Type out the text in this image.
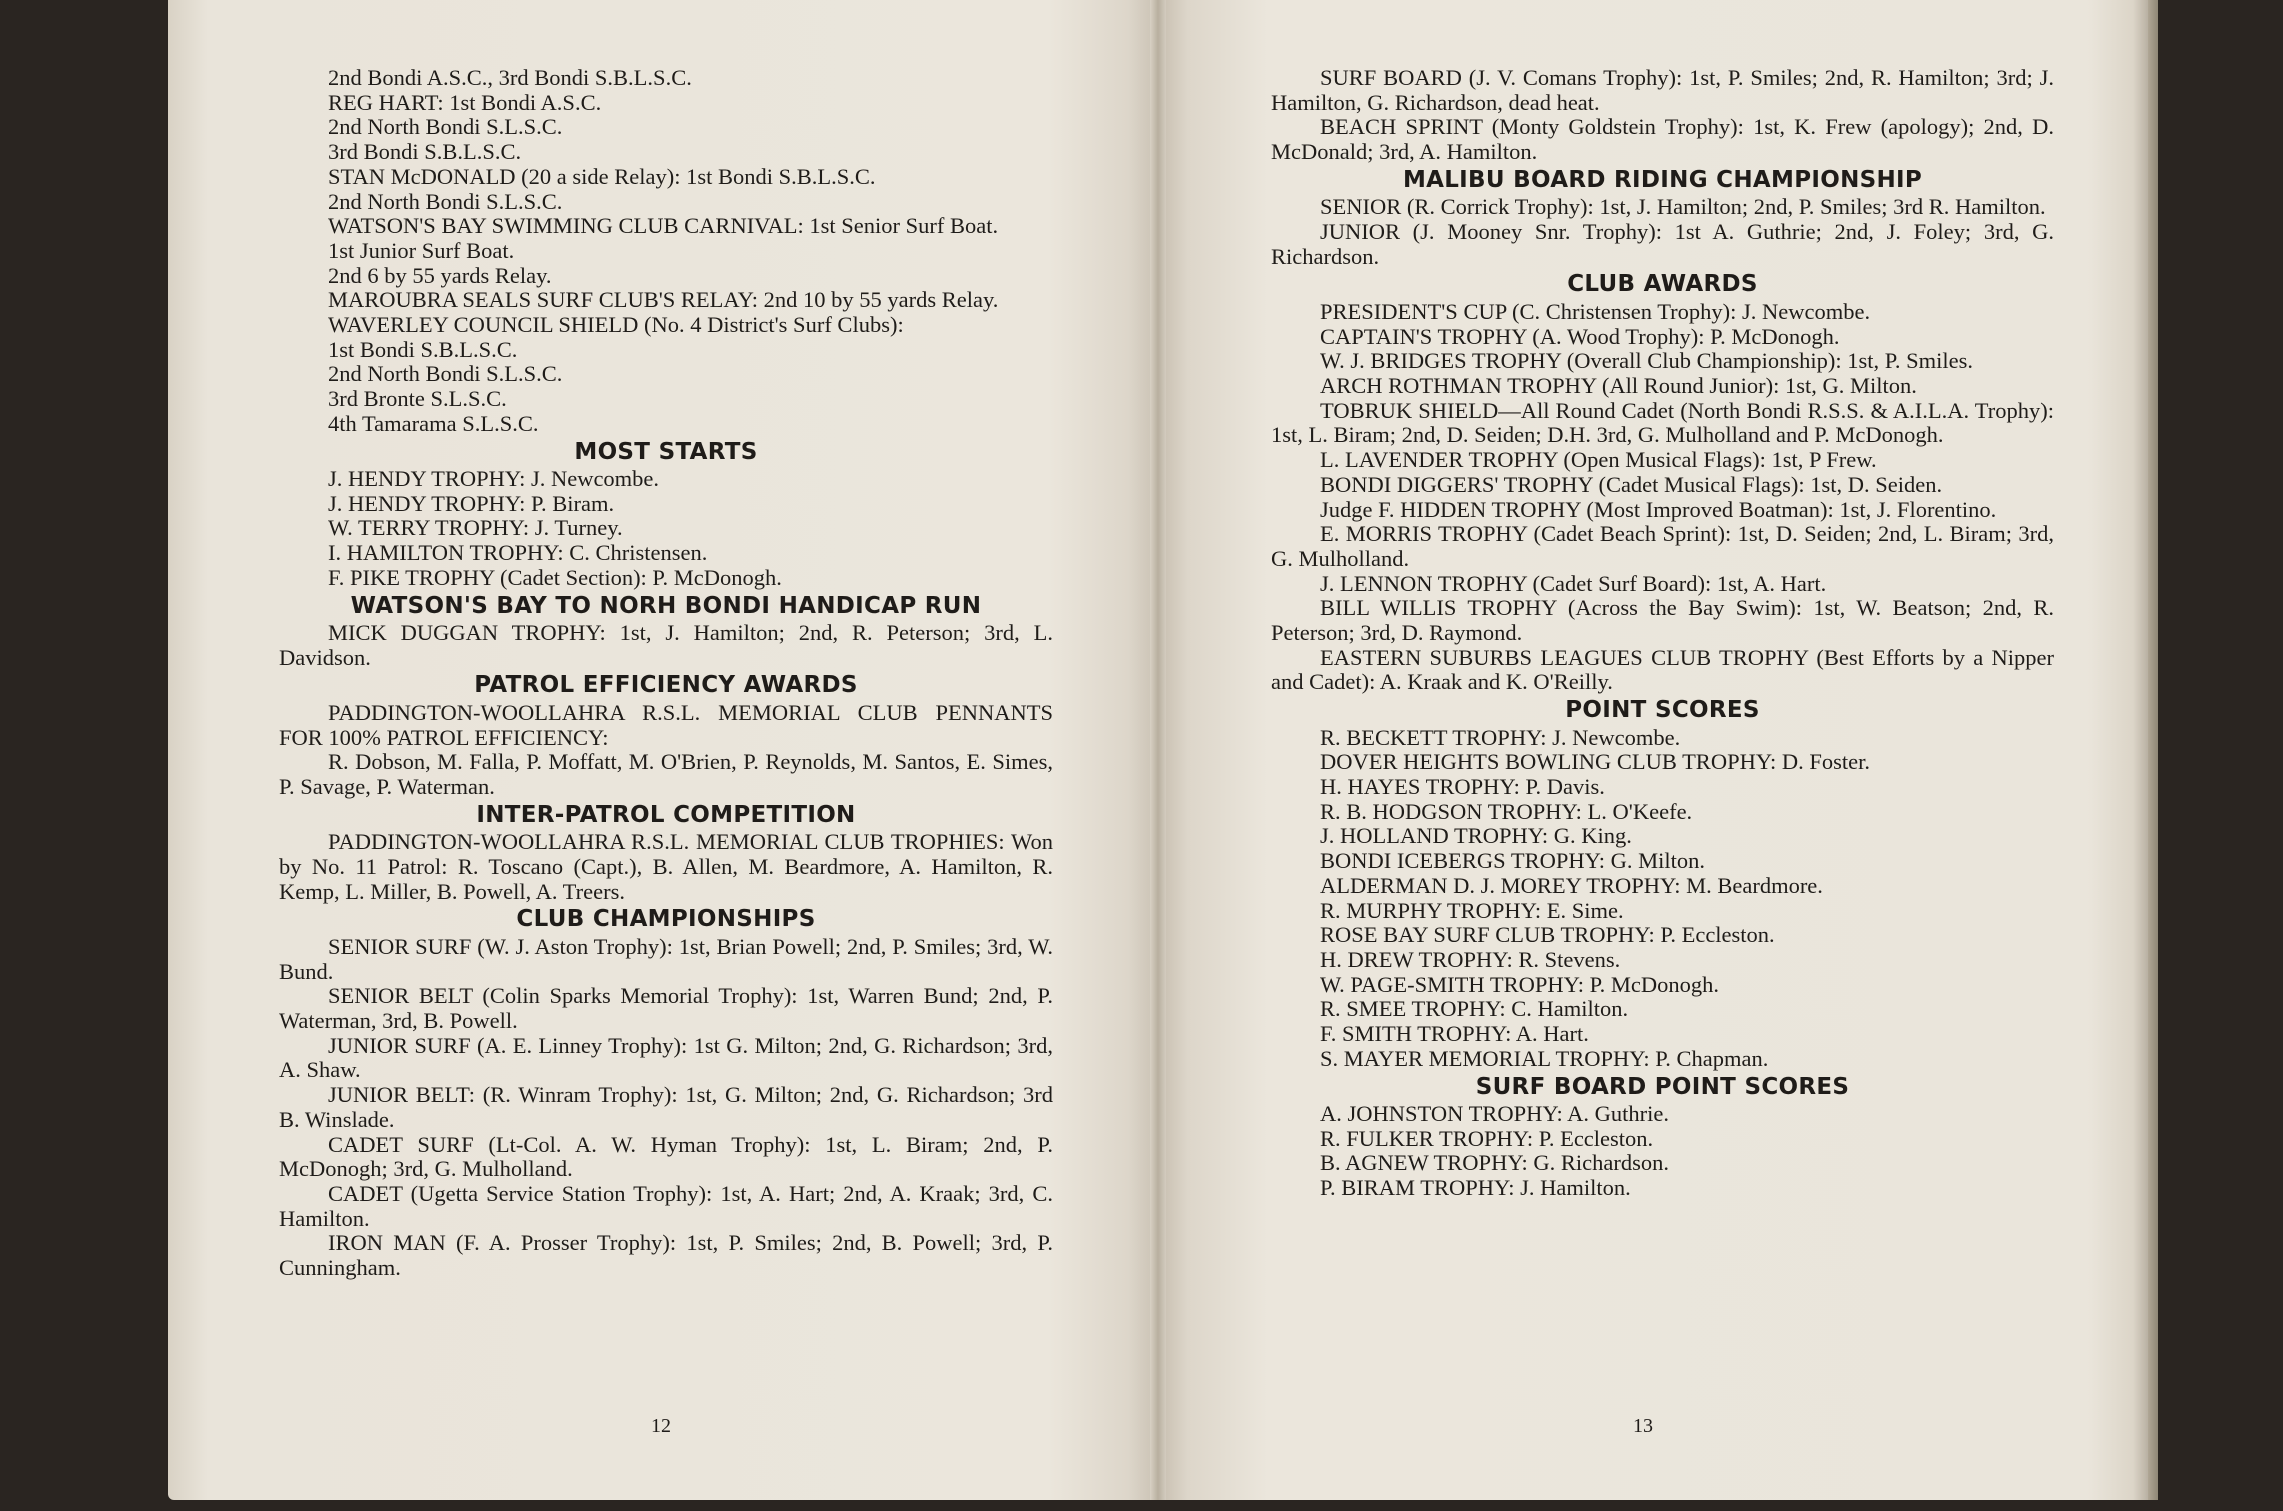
2nd Bondi A.S.C., 3rd Bondi S.B.L.S.C.

REG HART: 1st Bondi A.S.C.

2nd North Bondi S.L.S.C.

3rd Bondi S.B.L.S.C.

STAN McDONALD (20 a side Relay): 1st Bondi S.B.L.S.C.

2nd North Bondi S.L.S.C.

WATSON'S BAY SWIMMING CLUB CARNIVAL: 1st Senior Surf Boat.

1st Junior Surf Boat.

2nd 6 by 55 yards Relay.

MAROUBRA SEALS SURF CLUB'S RELAY: 2nd 10 by 55 yards Relay.

WAVERLEY COUNCIL SHIELD (No. 4 District's Surf Clubs):

1st Bondi S.B.L.S.C.

2nd North Bondi S.L.S.C.

3rd Bronte S.L.S.C.

4th Tamarama S.L.S.C.

MOST STARTS

J. HENDY TROPHY: J. Newcombe.

J. HENDY TROPHY: P. Biram.

W. TERRY TROPHY: J. Turney.

I. HAMILTON TROPHY: C. Christensen.

F. PIKE TROPHY (Cadet Section): P. McDonogh.

WATSON'S BAY TO NORH BONDI HANDICAP RUN

MICK DUGGAN TROPHY: 1st, J. Hamilton; 2nd, R. Peterson; 3rd, L. Davidson.

PATROL EFFICIENCY AWARDS

PADDINGTON-WOOLLAHRA R.S.L. MEMORIAL CLUB PENNANTS FOR 100% PATROL EFFICIENCY:

R. Dobson, M. Falla, P. Moffatt, M. O'Brien, P. Reynolds, M. Santos, E. Simes, P. Savage, P. Waterman.

INTER-PATROL COMPETITION

PADDINGTON-WOOLLAHRA R.S.L. MEMORIAL CLUB TROPHIES: Won by No. 11 Patrol: R. Toscano (Capt.), B. Allen, M. Beardmore, A. Hamilton, R. Kemp, L. Miller, B. Powell, A. Treers.

CLUB CHAMPIONSHIPS

SENIOR SURF (W. J. Aston Trophy): 1st, Brian Powell; 2nd, P. Smiles; 3rd, W. Bund.

SENIOR BELT (Colin Sparks Memorial Trophy): 1st, Warren Bund; 2nd, P. Waterman, 3rd, B. Powell.

JUNIOR SURF (A. E. Linney Trophy): 1st G. Milton; 2nd, G. Richardson; 3rd, A. Shaw.

JUNIOR BELT: (R. Winram Trophy): 1st, G. Milton; 2nd, G. Richardson; 3rd B. Winslade.

CADET SURF (Lt-Col. A. W. Hyman Trophy): 1st, L. Biram; 2nd, P. McDonogh; 3rd, G. Mulholland.

CADET (Ugetta Service Station Trophy): 1st, A. Hart; 2nd, A. Kraak; 3rd, C. Hamilton.

IRON MAN (F. A. Prosser Trophy): 1st, P. Smiles; 2nd, B. Powell; 3rd, P. Cunningham.

SURF BOARD (J. V. Comans Trophy): 1st, P. Smiles; 2nd, R. Hamilton; 3rd; J. Hamilton, G. Richardson, dead heat.

BEACH SPRINT (Monty Goldstein Trophy): 1st, K. Frew (apology); 2nd, D. McDonald; 3rd, A. Hamilton.

MALIBU BOARD RIDING CHAMPIONSHIP

SENIOR (R. Corrick Trophy): 1st, J. Hamilton; 2nd, P. Smiles; 3rd R. Hamilton.

JUNIOR (J. Mooney Snr. Trophy): 1st A. Guthrie; 2nd, J. Foley; 3rd, G. Richardson.

CLUB AWARDS

PRESIDENT'S CUP (C. Christensen Trophy): J. Newcombe.

CAPTAIN'S TROPHY (A. Wood Trophy): P. McDonogh.

W. J. BRIDGES TROPHY (Overall Club Championship): 1st, P. Smiles.

ARCH ROTHMAN TROPHY (All Round Junior): 1st, G. Milton.

TOBRUK SHIELD—All Round Cadet (North Bondi R.S.S. & A.I.L.A. Trophy): 1st, L. Biram; 2nd, D. Seiden; D.H. 3rd, G. Mulholland and P. McDonogh.

L. LAVENDER TROPHY (Open Musical Flags): 1st, P Frew.

BONDI DIGGERS' TROPHY (Cadet Musical Flags): 1st, D. Seiden.

Judge F. HIDDEN TROPHY (Most Improved Boatman): 1st, J. Florentino.

E. MORRIS TROPHY (Cadet Beach Sprint): 1st, D. Seiden; 2nd, L. Biram; 3rd, G. Mulholland.

J. LENNON TROPHY (Cadet Surf Board): 1st, A. Hart.

BILL WILLIS TROPHY (Across the Bay Swim): 1st, W. Beatson; 2nd, R. Peterson; 3rd, D. Raymond.

EASTERN SUBURBS LEAGUES CLUB TROPHY (Best Efforts by a Nipper and Cadet): A. Kraak and K. O'Reilly.

POINT SCORES

R. BECKETT TROPHY: J. Newcombe.

DOVER HEIGHTS BOWLING CLUB TROPHY: D. Foster.

H. HAYES TROPHY: P. Davis.

R. B. HODGSON TROPHY: L. O'Keefe.

J. HOLLAND TROPHY: G. King.

BONDI ICEBERGS TROPHY: G. Milton.

ALDERMAN D. J. MOREY TROPHY: M. Beardmore.

R. MURPHY TROPHY: E. Sime.

ROSE BAY SURF CLUB TROPHY: P. Eccleston.

H. DREW TROPHY: R. Stevens.

W. PAGE-SMITH TROPHY: P. McDonogh.

R. SMEE TROPHY: C. Hamilton.

F. SMITH TROPHY: A. Hart.

S. MAYER MEMORIAL TROPHY: P. Chapman.

SURF BOARD POINT SCORES

A. JOHNSTON TROPHY: A. Guthrie.

R. FULKER TROPHY: P. Eccleston.

B. AGNEW TROPHY: G. Richardson.

P. BIRAM TROPHY: J. Hamilton.

12	13
